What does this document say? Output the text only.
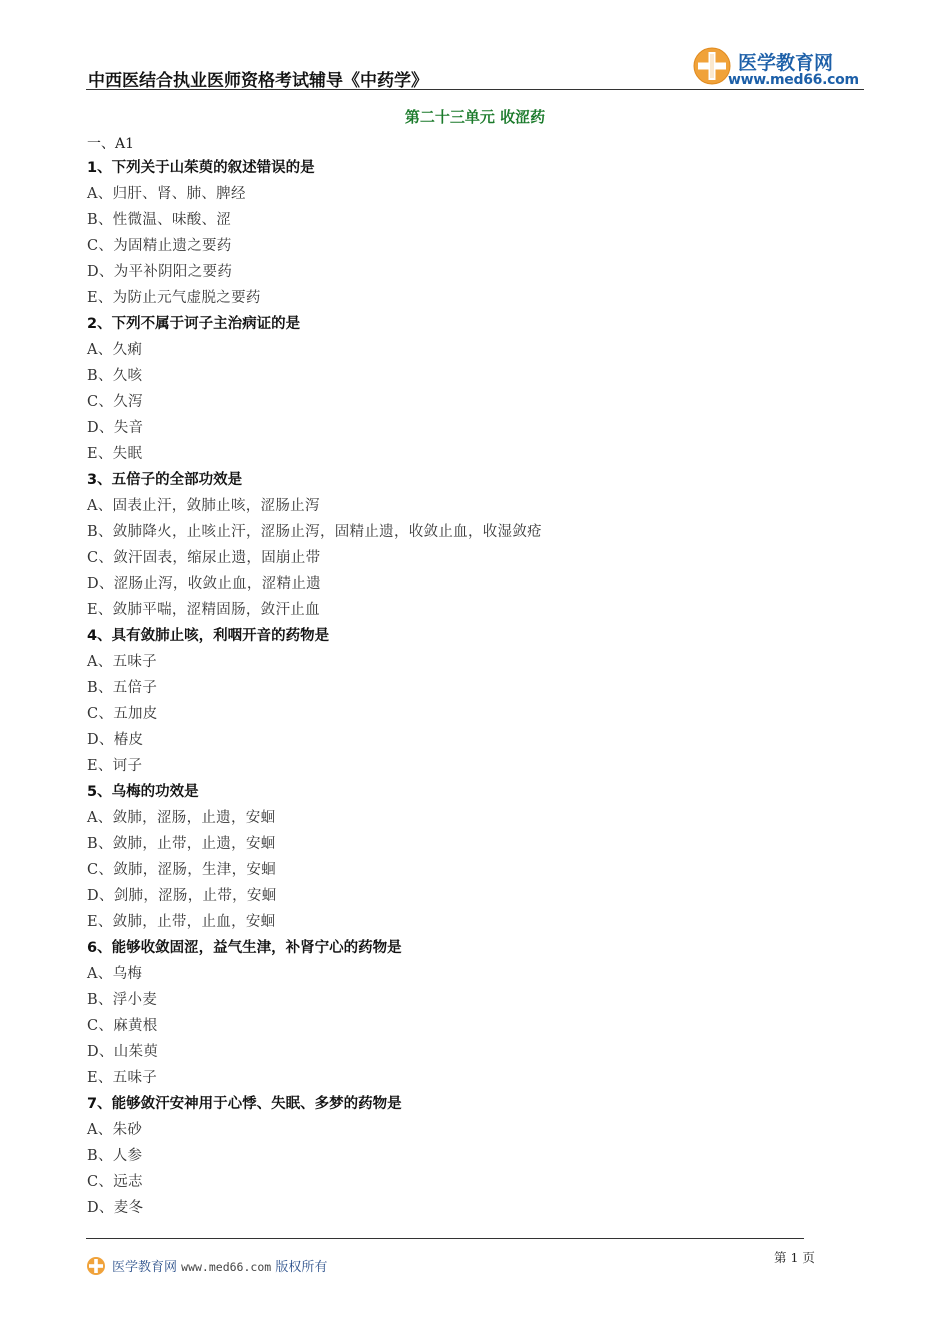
中西医结合执业医师资格考试辅导《中药学》
医学教育网
www.med66.com
第二十三单元 收涩药
一、A1
1、下列关于山茱萸的叙述错误的是
A、归肝、肾、肺、脾经
B、性微温、味酸、涩
C、为固精止遗之要药
D、为平补阴阳之要药
E、为防止元气虚脱之要药
2、下列不属于诃子主治病证的是
A、久痢
B、久咳
C、久泻
D、失音
E、失眠
3、五倍子的全部功效是
A、固表止汗，敛肺止咳，涩肠止泻
B、敛肺降火，止咳止汗，涩肠止泻，固精止遗，收敛止血，收湿敛疮
C、敛汗固表，缩尿止遗，固崩止带
D、涩肠止泻，收敛止血，涩精止遗
E、敛肺平喘，涩精固肠，敛汗止血
4、具有敛肺止咳，利咽开音的药物是
A、五味子
B、五倍子
C、五加皮
D、椿皮
E、诃子
5、乌梅的功效是
A、敛肺，涩肠，止遗，安蛔
B、敛肺，止带，止遗，安蛔
C、敛肺，涩肠，生津，安蛔
D、剑肺，涩肠，止带，安蛔
E、敛肺，止带，止血，安蛔
6、能够收敛固涩，益气生津，补肾宁心的药物是
A、乌梅
B、浮小麦
C、麻黄根
D、山茱萸
E、五味子
7、能够敛汗安神用于心悸、失眠、多梦的药物是
A、朱砂
B、人参
C、远志
D、麦冬
医学教育网 www.med66.com 版权所有
第 1 页
